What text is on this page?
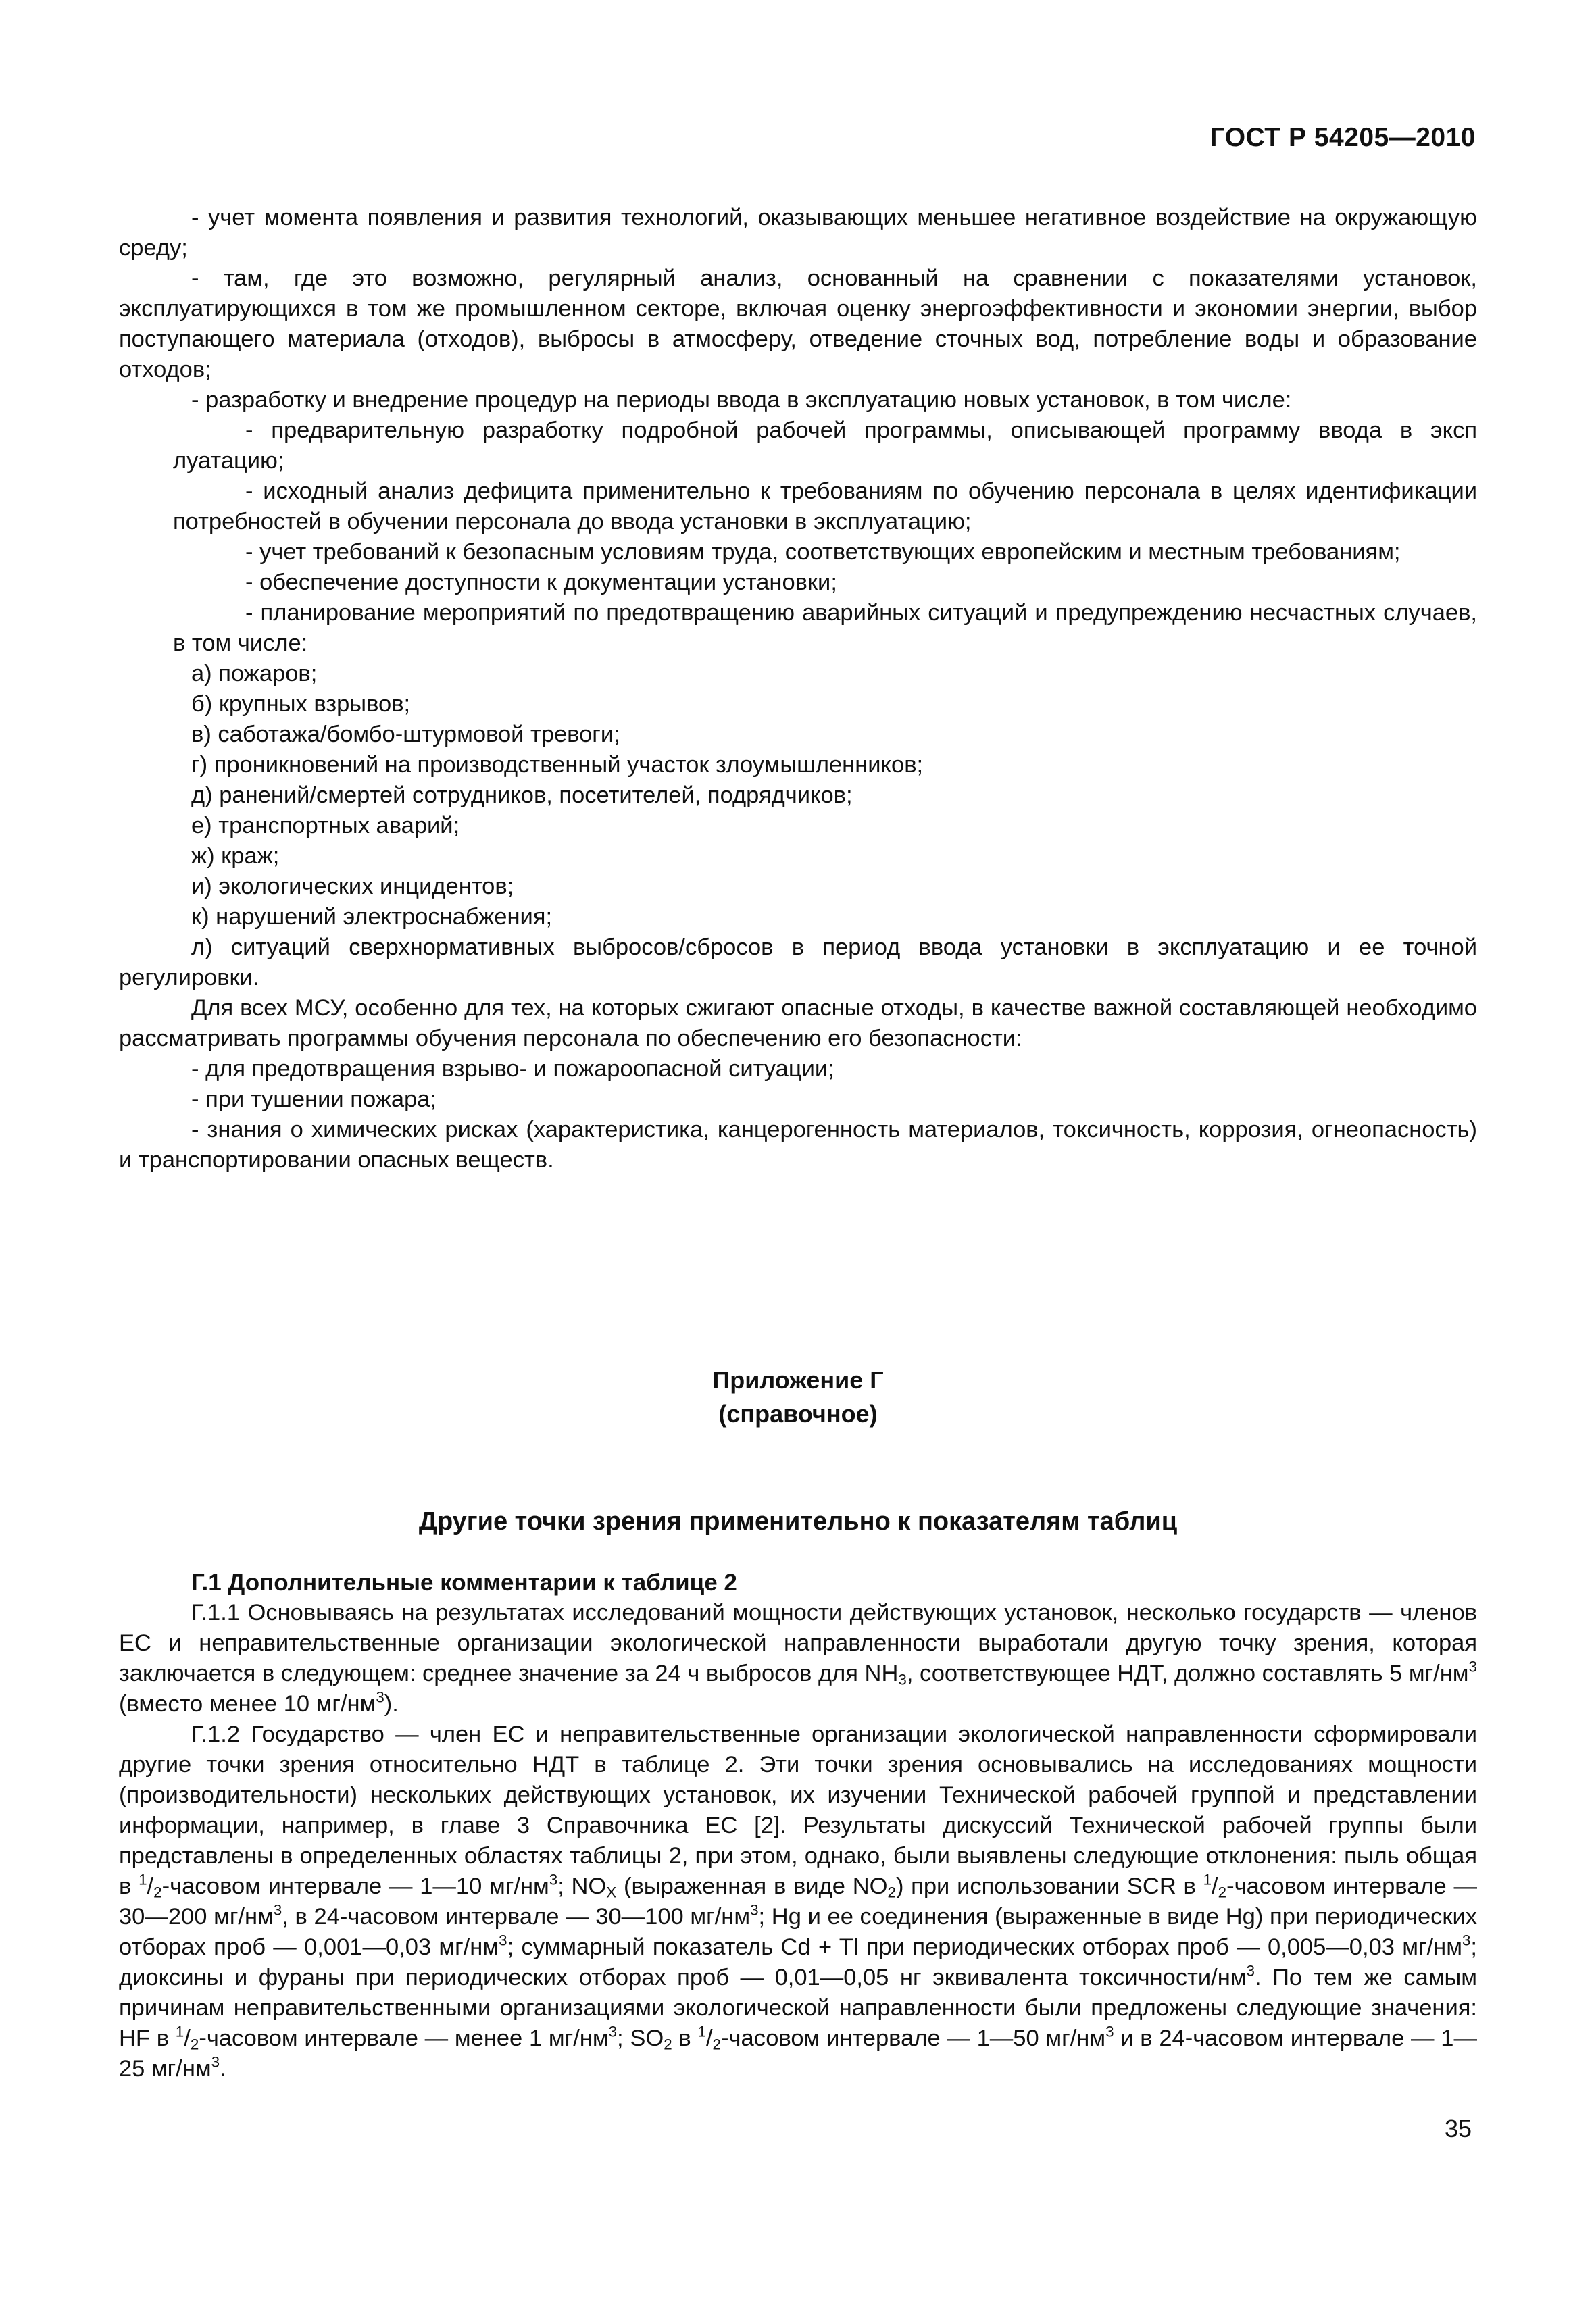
ГОСТ Р 54205—2010

- учет момента появления и развития технологий, оказывающих меньшее негативное воздействие на окружающую среду;

- там, где это возможно, регулярный анализ, основанный на сравнении с показателями установок, эксплуатирующихся в том же промышленном секторе, включая оценку энергоэффективности и экономии энергии, выбор поступающего материала (отходов), выбросы в атмосферу, отведение сточных вод, потребление воды и образование отходов;

- разработку и внедрение процедур на периоды ввода в эксплуатацию новых установок, в том числе:

- предварительную разработку подробной рабочей программы, описывающей программу ввода в эксп луатацию;

- исходный анализ дефицита применительно к требованиям по обучению персонала в целях идентификации потребностей в обучении персонала до ввода установки в эксплуатацию;

- учет требований к безопасным условиям труда, соответствующих европейским и местным требованиям;

- обеспечение доступности к документации установки;

- планирование мероприятий по предотвращению аварийных ситуаций и предупреждению несчастных случаев, в том числе:

а) пожаров;

б) крупных взрывов;

в) саботажа/бомбо-штурмовой тревоги;

г) проникновений на производственный участок злоумышленников;

д) ранений/смертей сотрудников, посетителей, подрядчиков;

е) транспортных аварий;

ж) краж;

и) экологических инцидентов;

к) нарушений электроснабжения;

л) ситуаций сверхнормативных выбросов/сбросов в период ввода установки в эксплуатацию и ее точной регулировки.

Для всех МСУ, особенно для тех, на которых сжигают опасные отходы, в качестве важной составляющей необходимо рассматривать программы обучения персонала по обеспечению его безопасности:

- для предотвращения взрыво- и пожароопасной ситуации;

- при тушении пожара;

- знания о химических рисках (характеристика, канцерогенность материалов, токсичность, коррозия, огнеопасность) и транспортировании опасных веществ.

Приложение Г
(справочное)
Другие точки зрения применительно к показателям таблиц
Г.1 Дополнительные комментарии к таблице 2

Г.1.1 Основываясь на результатах исследований мощности действующих установок, несколько государств — членов ЕС и неправительственные организации экологической направленности выработали другую точку зрения, которая заключается в следующем: среднее значение за 24 ч выбросов для $NH_3$, соответствующее НДТ, должно составлять 5 $мг/нм^3$ (вместо менее 10 $мг/нм^3$).

Г.1.2 Государство — член ЕС и неправительственные организации экологической направленности сформировали другие точки зрения относительно НДТ в таблице 2. Эти точки зрения основывались на исследованиях мощности (производительности) нескольких действующих установок, их изучении Технической рабочей группой и представлении информации, например, в главе 3 Справочника ЕС [2]. Результаты дискуссий Технической рабочей группы были представлены в определенных областях таблицы 2, при этом, однако, были выявлены следующие отклонения: пыль общая в $^1/_2$-часовом интервале — 1—10 $мг/нм^3$; $NO_X$ (выраженная в виде $NO_2$) при использовании SCR в $^1/_2$-часовом интервале — 30—200 $мг/нм^3$, в 24-часовом интервале — 30—100 $мг/нм^3$; Hg и ее соединения (выраженные в виде Hg) при периодических отборах проб — 0,001—0,03 $мг/нм^3$; суммарный показатель Cd + Tl при периодических отборах проб — 0,005—0,03 $мг/нм^3$; диоксины и фураны при периодических отборах проб — 0,01—0,05 нг эквивалента токсичности/$нм^3$. По тем же самым причинам неправительственными организациями экологической направленности были предложены следующие значения: HF в $^1/_2$-часовом интервале — менее 1 $мг/нм^3$; $SO_2$ в $^1/_2$-часовом интервале — 1—50 $мг/нм^3$ и в 24-часовом интервале — 1—25 $мг/нм^3$.

35
